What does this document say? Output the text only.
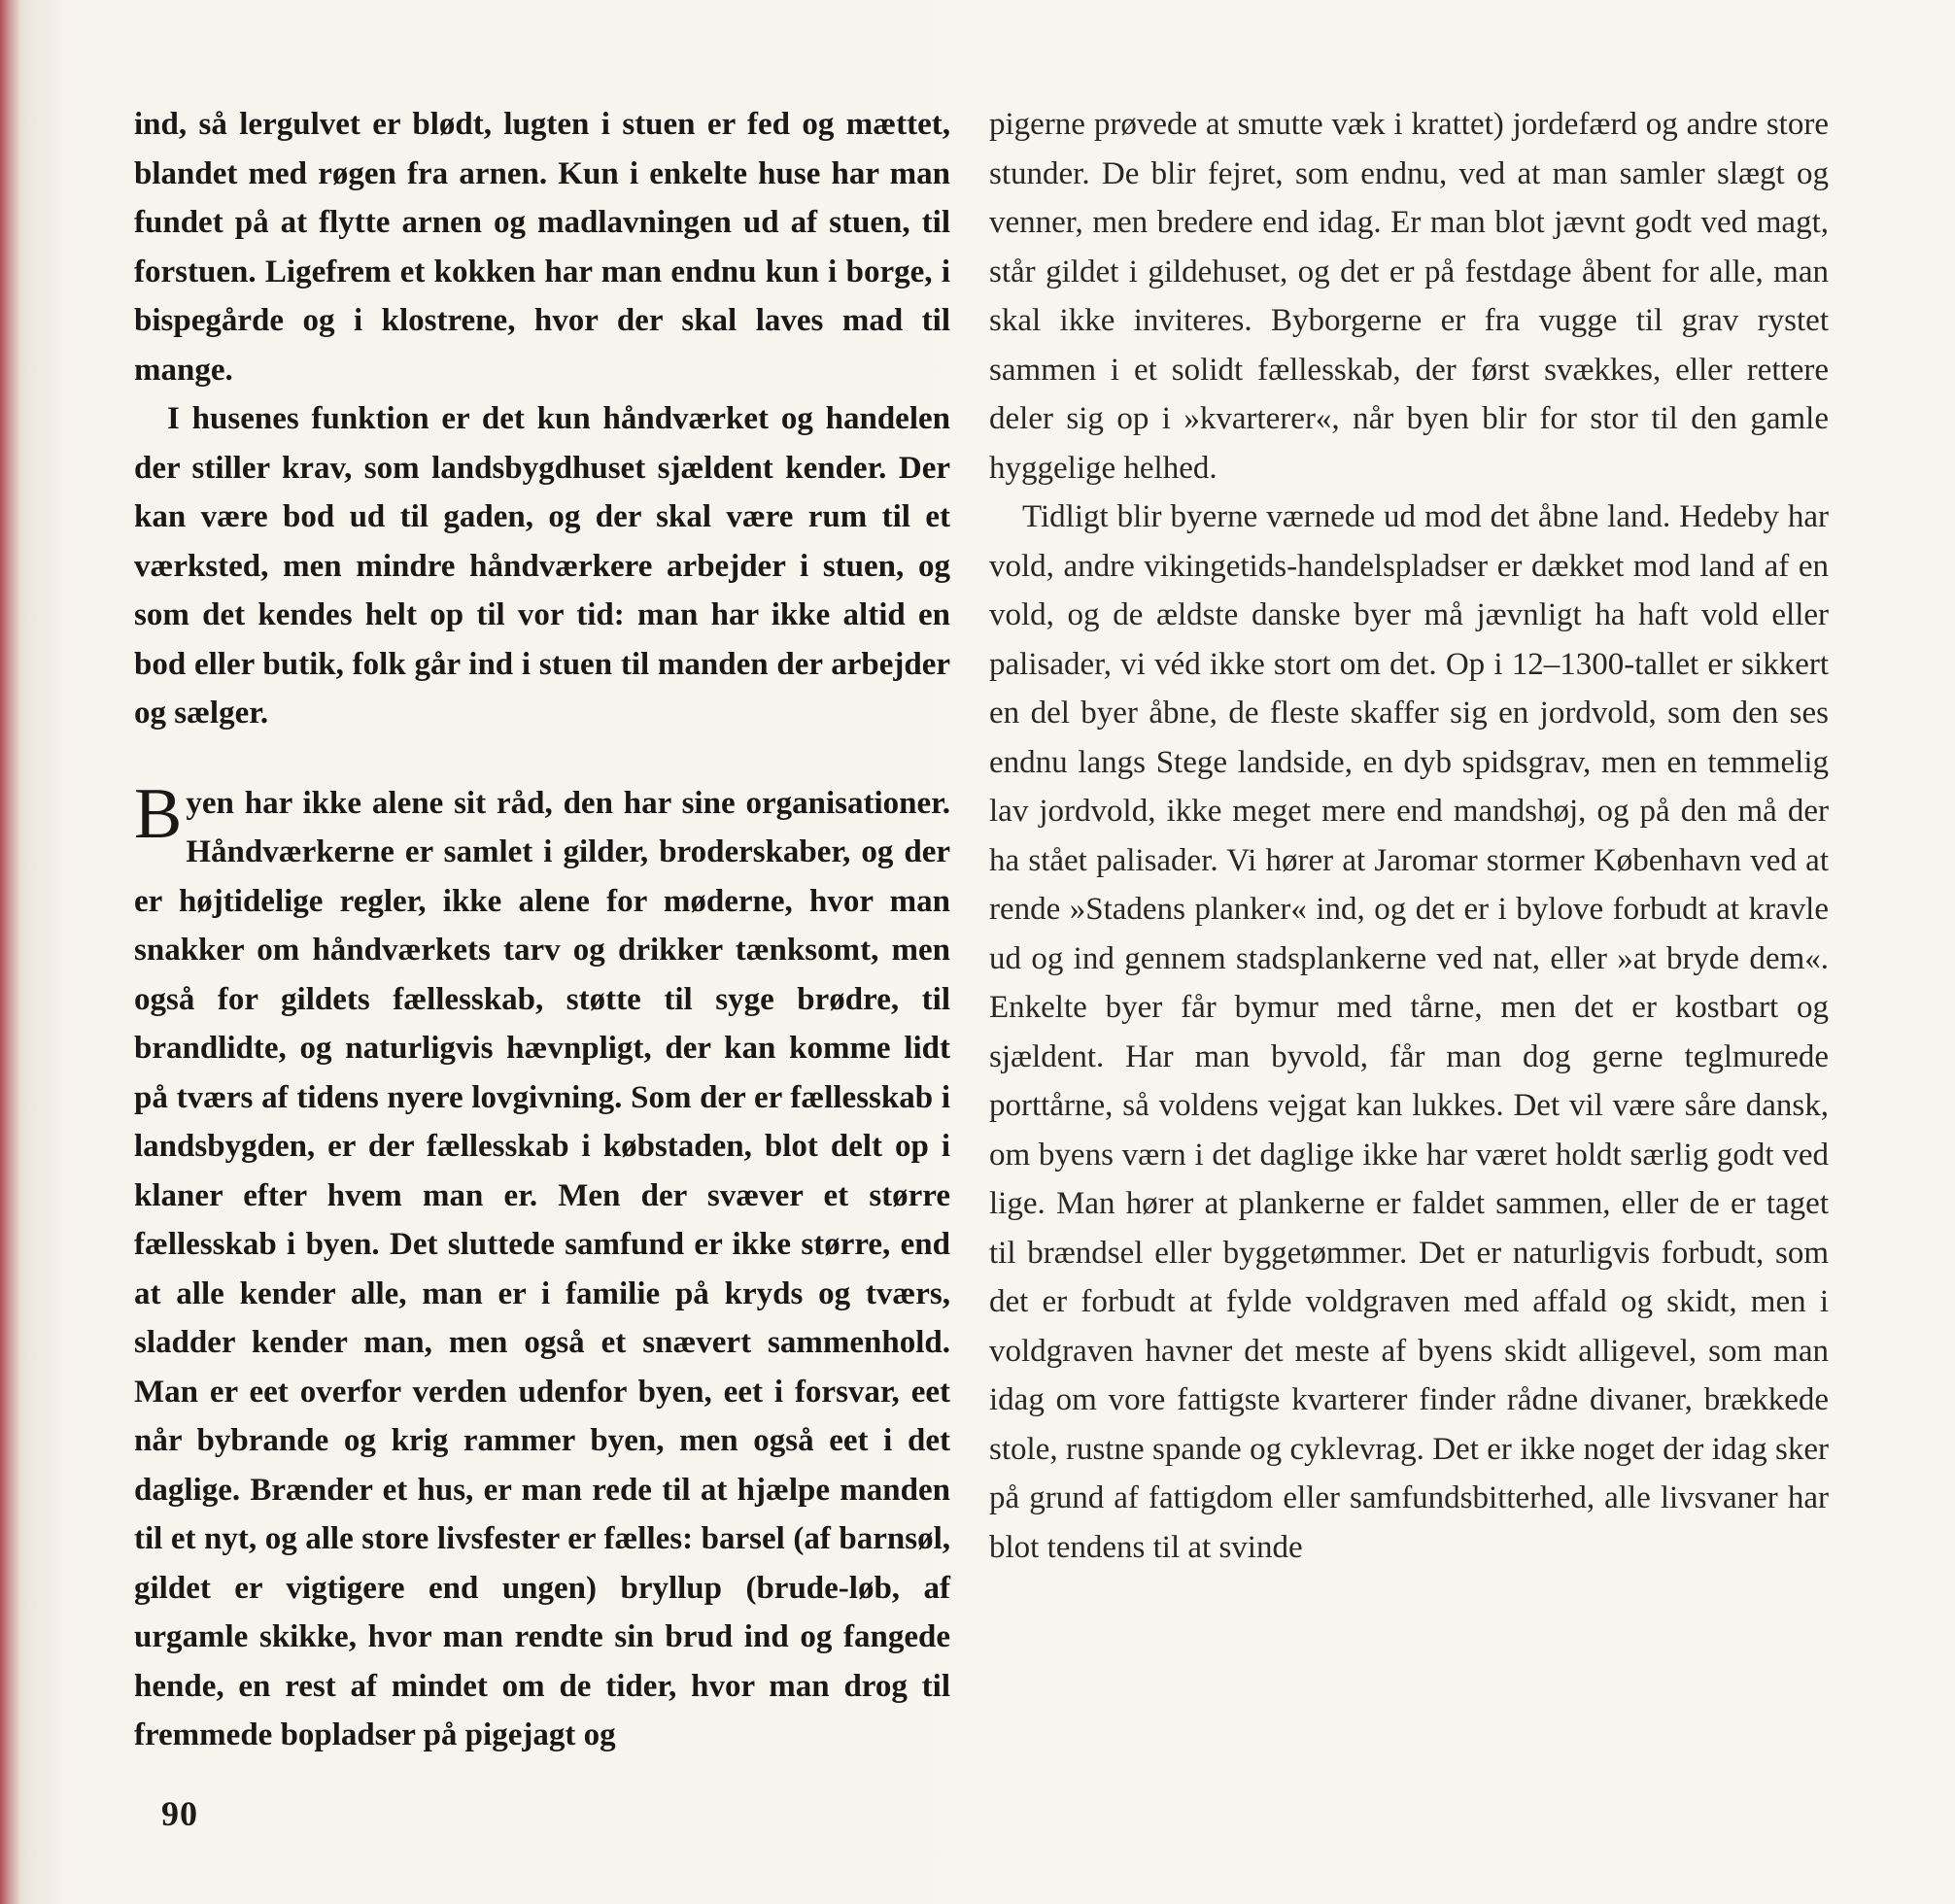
ind, så lergulvet er blødt, lugten i stuen er fed og mættet, blandet med røgen fra arnen. Kun i enkelte huse har man fundet på at flytte arnen og madlavningen ud af stuen, til forstuen. Ligefrem et kokken har man endnu kun i borge, i bispegårde og i klostrene, hvor der skal laves mad til mange.

I husenes funktion er det kun håndværket og handelen der stiller krav, som landsbygdhuset sjældent kender. Der kan være bod ud til gaden, og der skal være rum til et værksted, men mindre håndværkere arbejder i stuen, og som det kendes helt op til vor tid: man har ikke altid en bod eller butik, folk går ind i stuen til manden der arbejder og sælger.

Byen har ikke alene sit råd, den har sine organisationer. Håndværkerne er samlet i gilder, broderskaber, og der er højtidelige regler, ikke alene for møderne, hvor man snakker om håndværkets tarv og drikker tænksomt, men også for gildets fællesskab, støtte til syge brødre, til brandlidte, og naturligvis hævnpligt, der kan komme lidt på tværs af tidens nyere lovgivning. Som der er fællesskab i landsbygden, er der fællesskab i købstaden, blot delt op i klaner efter hvem man er. Men der svæver et større fællesskab i byen. Det sluttede samfund er ikke større, end at alle kender alle, man er i familie på kryds og tværs, sladder kender man, men også et snævert sammenhold. Man er eet overfor verden udenfor byen, eet i forsvar, eet når bybrande og krig rammer byen, men også eet i det daglige. Brænder et hus, er man rede til at hjælpe manden til et nyt, og alle store livsfester er fælles: barsel (af barnsøl, gildet er vigtigere end ungen) bryllup (brude-løb, af urgamle skikke, hvor man rendte sin brud ind og fangede hende, en rest af mindet om de tider, hvor man drog til fremmede bopladser på pigejagt og

pigerne prøvede at smutte væk i krattet) jordefærd og andre store stunder. De blir fejret, som endnu, ved at man samler slægt og venner, men bredere end idag. Er man blot jævnt godt ved magt, står gildet i gildehuset, og det er på festdage åbent for alle, man skal ikke inviteres. Byborgerne er fra vugge til grav rystet sammen i et solidt fællesskab, der først svækkes, eller rettere deler sig op i »kvarterer«, når byen blir for stor til den gamle hyggelige helhed.

Tidligt blir byerne værnede ud mod det åbne land. Hedeby har vold, andre vikingetids-handelspladser er dækket mod land af en vold, og de ældste danske byer må jævnligt ha haft vold eller palisader, vi véd ikke stort om det. Op i 12–1300-tallet er sikkert en del byer åbne, de fleste skaffer sig en jordvold, som den ses endnu langs Stege landside, en dyb spidsgrav, men en temmelig lav jordvold, ikke meget mere end mandshøj, og på den må der ha stået palisader. Vi hører at Jaromar stormer København ved at rende »Stadens planker« ind, og det er i bylove forbudt at kravle ud og ind gennem stadsplankerne ved nat, eller »at bryde dem«. Enkelte byer får bymur med tårne, men det er kostbart og sjældent. Har man byvold, får man dog gerne teglmurede porttårne, så voldens vejgat kan lukkes. Det vil være såre dansk, om byens værn i det daglige ikke har været holdt særlig godt ved lige. Man hører at plankerne er faldet sammen, eller de er taget til brændsel eller byggetømmer. Det er naturligvis forbudt, som det er forbudt at fylde voldgraven med affald og skidt, men i voldgraven havner det meste af byens skidt alligevel, som man idag om vore fattigste kvarterer finder rådne divaner, brækkede stole, rustne spande og cyklevrag. Det er ikke noget der idag sker på grund af fattigdom eller samfundsbitterhed, alle livsvaner har blot tendens til at svinde

90
